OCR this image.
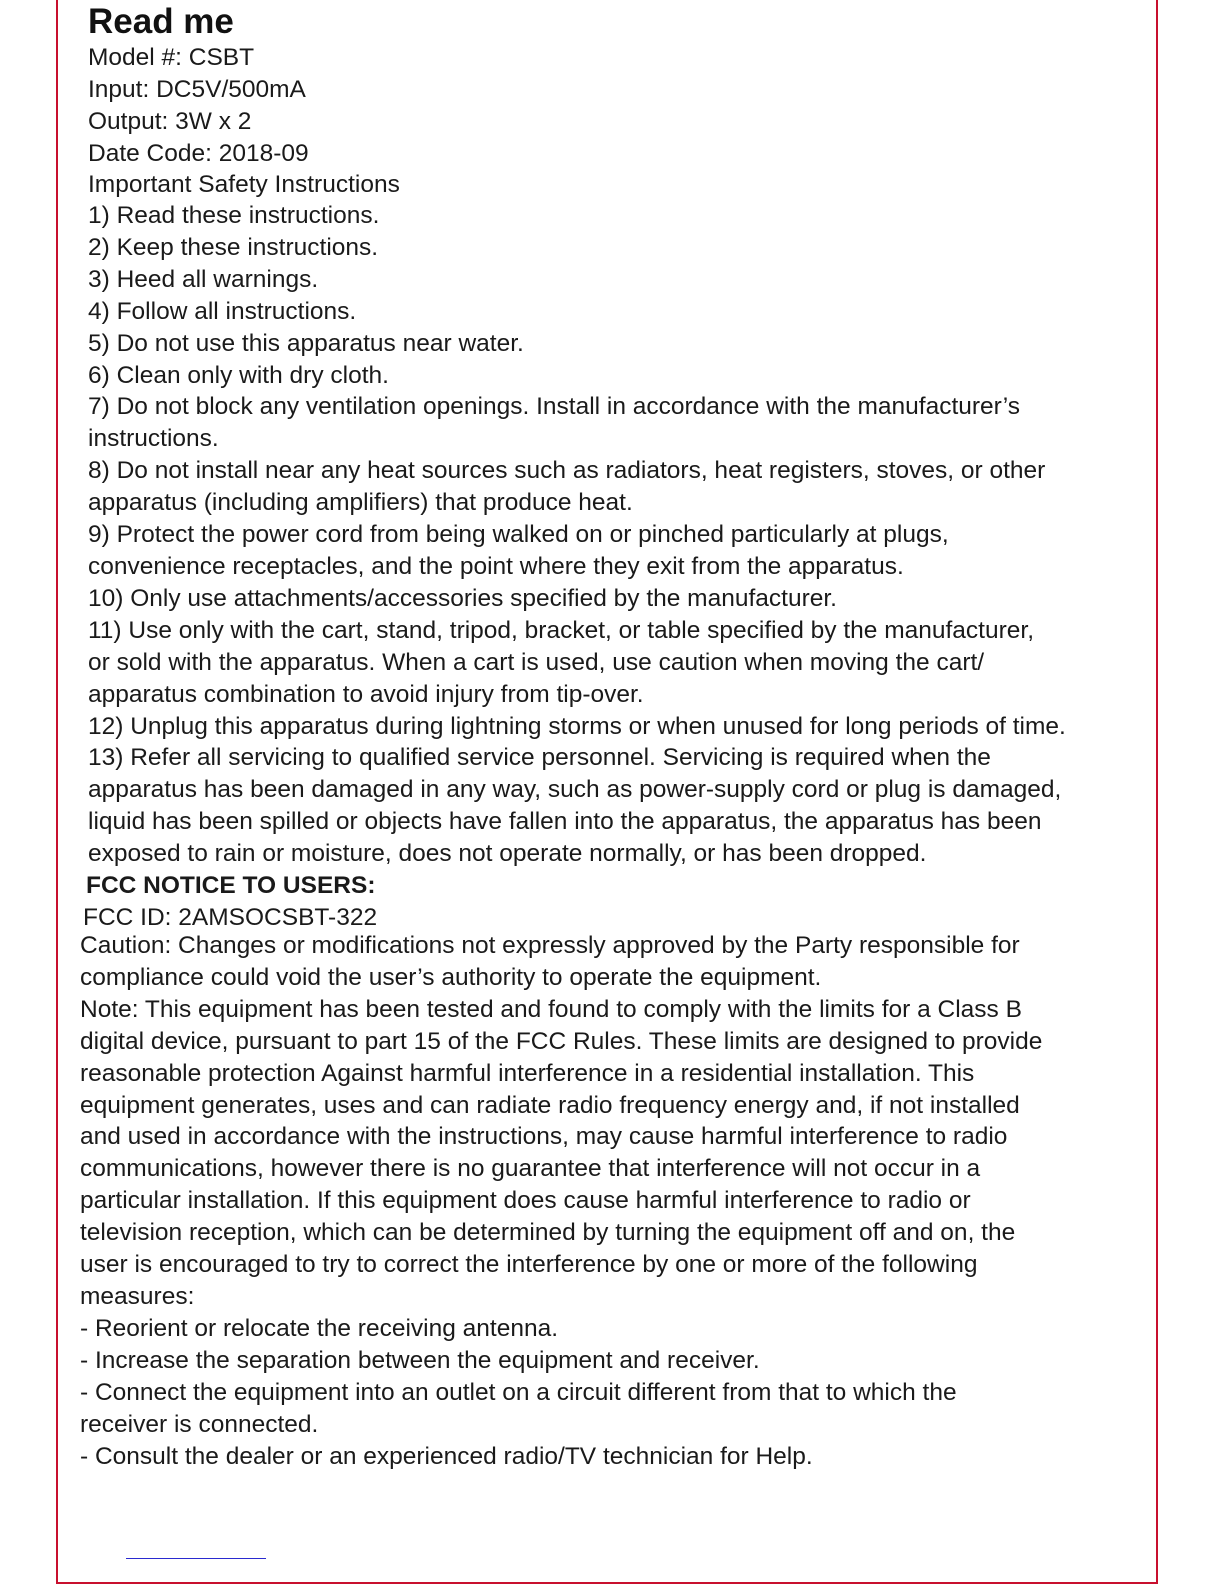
Read me

Model #: CSBT

Input: DC5V/500mA

Output: 3W x 2

Date Code: 2018-09

Important Safety Instructions

1) Read these instructions.

2) Keep these instructions.

3) Heed all warnings.

4) Follow all instructions.

5) Do not use this apparatus near water.

6) Clean only with dry cloth.

7) Do not block any ventilation openings. Install in accordance with the manufacturer’s

instructions.

8) Do not install near any heat sources such as radiators, heat registers, stoves, or other

apparatus (including amplifiers) that produce heat.

9) Protect the power cord from being walked on or pinched particularly at plugs,

convenience receptacles, and the point where they exit from the apparatus.

10) Only use attachments/accessories specified by the manufacturer.

11) Use only with the cart, stand, tripod, bracket, or table specified by the manufacturer,

or sold with the apparatus. When a cart is used, use caution when moving the cart/

apparatus combination to avoid injury from tip-over.

12) Unplug this apparatus during lightning storms or when unused for long periods of time.

13) Refer all servicing to qualified service personnel. Servicing is required when the

apparatus has been damaged in any way, such as power-supply cord or plug is damaged,

liquid has been spilled or objects have fallen into the apparatus, the apparatus has been

exposed to rain or moisture, does not operate normally, or has been dropped.

FCC NOTICE TO USERS:

FCC ID: 2AMSOCSBT-322

Caution: Changes or modifications not expressly approved by the Party responsible for

compliance could void the user’s authority to operate the equipment.

Note: This equipment has been tested and found to comply with the limits for a Class B

digital device, pursuant to part 15 of the FCC Rules. These limits are designed to provide

reasonable protection Against harmful interference in a residential installation. This

equipment generates, uses and can radiate radio frequency energy and, if not installed

and used in accordance with the instructions, may cause harmful interference to radio

communications, however there is no guarantee that interference will not occur in a

particular installation. If this equipment does cause harmful interference to radio or

television reception, which can be determined by turning the equipment off and on, the

user is encouraged to try to correct the interference by one or more of the following

measures:

- Reorient or relocate the receiving antenna.

- Increase the separation between the equipment and receiver.

- Connect the equipment into an outlet on a circuit different from that to which the

receiver is connected.

- Consult the dealer or an experienced radio/TV technician for Help.
